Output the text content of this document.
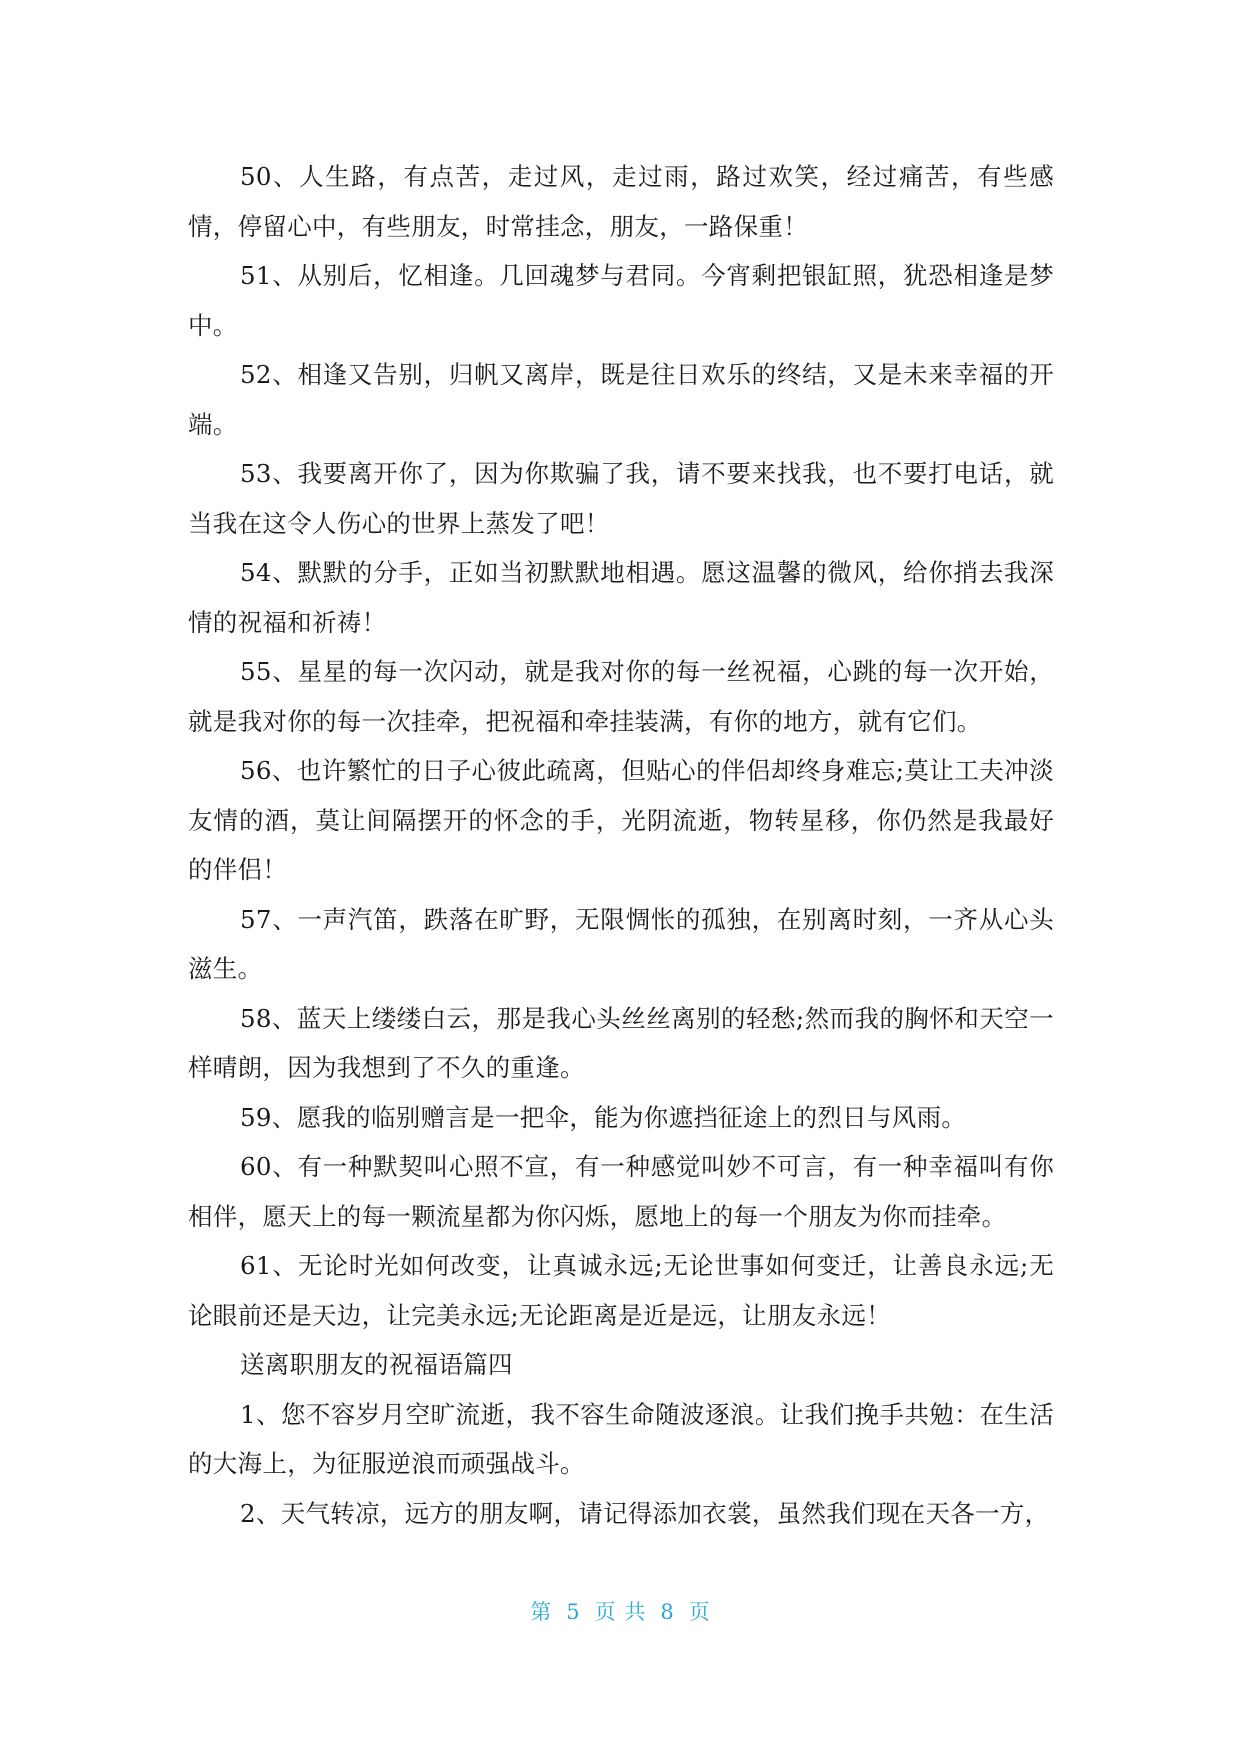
50、人生路，有点苦，走过风，走过雨，路过欢笑，经过痛苦，有些感情，停留心中，有些朋友，时常挂念，朋友，一路保重！

51、从别后，忆相逢。几回魂梦与君同。今宵剩把银缸照，犹恐相逢是梦中。

52、相逢又告别，归帆又离岸，既是往日欢乐的终结，又是未来幸福的开端。

53、我要离开你了，因为你欺骗了我，请不要来找我，也不要打电话，就当我在这令人伤心的世界上蒸发了吧！

54、默默的分手，正如当初默默地相遇。愿这温馨的微风，给你捎去我深情的祝福和祈祷！

55、星星的每一次闪动，就是我对你的每一丝祝福，心跳的每一次开始，就是我对你的每一次挂牵，把祝福和牵挂装满，有你的地方，就有它们。

56、也许繁忙的日子心彼此疏离，但贴心的伴侣却终身难忘;莫让工夫冲淡友情的酒，莫让间隔摆开的怀念的手，光阴流逝，物转星移，你仍然是我最好的伴侣！

57、一声汽笛，跌落在旷野，无限惆怅的孤独，在别离时刻，一齐从心头滋生。

58、蓝天上缕缕白云，那是我心头丝丝离别的轻愁;然而我的胸怀和天空一样晴朗，因为我想到了不久的重逢。

59、愿我的临别赠言是一把伞，能为你遮挡征途上的烈日与风雨。

60、有一种默契叫心照不宣，有一种感觉叫妙不可言，有一种幸福叫有你相伴，愿天上的每一颗流星都为你闪烁，愿地上的每一个朋友为你而挂牵。

61、无论时光如何改变，让真诚永远;无论世事如何变迁，让善良永远;无论眼前还是天边，让完美永远;无论距离是近是远，让朋友永远！

送离职朋友的祝福语篇四

1、您不容岁月空旷流逝，我不容生命随波逐浪。让我们挽手共勉：在生活的大海上，为征服逆浪而顽强战斗。

2、天气转凉，远方的朋友啊，请记得添加衣裳，虽然我们现在天各一方，

第 5 页 共 8 页
